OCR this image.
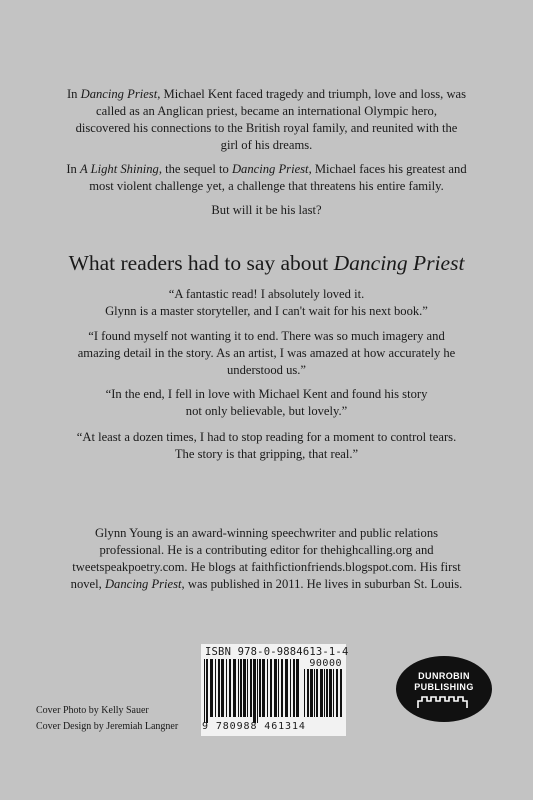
In Dancing Priest, Michael Kent faced tragedy and triumph, love and loss, was
called as an Anglican priest, became an international Olympic hero,
discovered his connections to the British royal family, and reunited with the
girl of his dreams.

In A Light Shining, the sequel to Dancing Priest, Michael faces his greatest and
most violent challenge yet, a challenge that threatens his entire family.

But will it be his last?

What readers had to say about Dancing Priest

“A fantastic read! I absolutely loved it.
Glynn is a master storyteller, and I can't wait for his next book.”

“I found myself not wanting it to end. There was so much imagery and
amazing detail in the story. As an artist, I was amazed at how accurately he
understood us.”

“In the end, I fell in love with Michael Kent and found his story
not only believable, but lovely.”

“At least a dozen times, I had to stop reading for a moment to control tears.
The story is that gripping, that real.”

Glynn Young is an award-winning speechwriter and public relations
professional. He is a contributing editor for thehighcalling.org and
tweetspeakpoetry.com. He blogs at faithfictionfriends.blogspot.com. His first
novel, Dancing Priest, was published in 2011. He lives in suburban St. Louis.

Cover Photo by Kelly Sauer
Cover Design by Jeremiah Langner
ISBN 978-0-9884613-1-4
90000
9 780988 461314
DUNROBIN
PUBLISHING
